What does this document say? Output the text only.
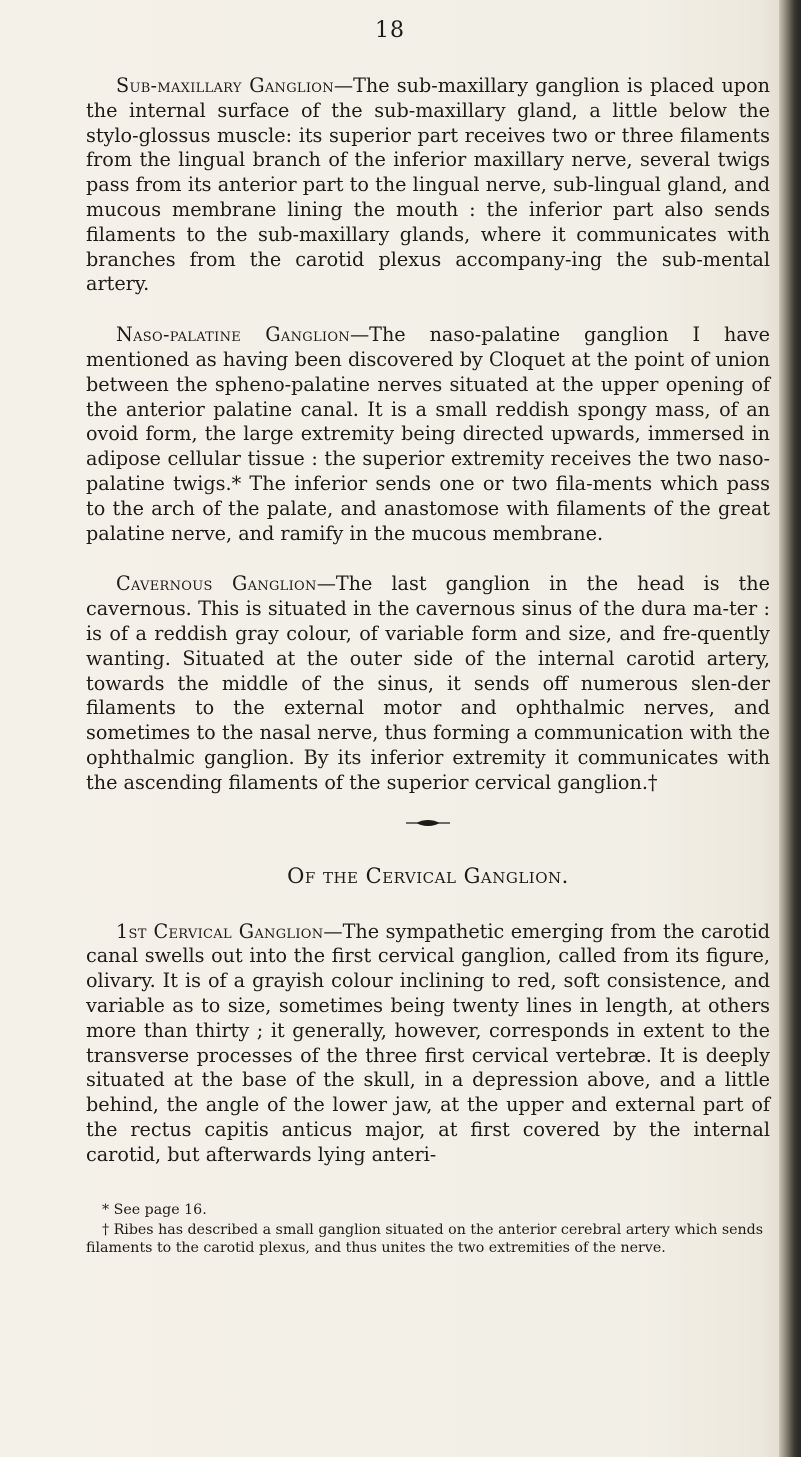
18

Sub-maxillary Ganglion—The sub-maxillary ganglion is placed upon the internal surface of the sub-maxillary gland, a little below the stylo-glossus muscle: its superior part receives two or three filaments from the lingual branch of the inferior maxillary nerve, several twigs pass from its anterior part to the lingual nerve, sub-lingual gland, and mucous membrane lining the mouth : the inferior part also sends filaments to the sub-maxillary glands, where it communicates with branches from the carotid plexus accompany-ing the sub-mental artery.

Naso-palatine Ganglion—The naso-palatine ganglion I have mentioned as having been discovered by Cloquet at the point of union between the spheno-palatine nerves situated at the upper opening of the anterior palatine canal. It is a small reddish spongy mass, of an ovoid form, the large extremity being directed upwards, immersed in adipose cellular tissue : the superior extremity receives the two naso-palatine twigs.* The inferior sends one or two fila-ments which pass to the arch of the palate, and anastomose with filaments of the great palatine nerve, and ramify in the mucous membrane.

Cavernous Ganglion—The last ganglion in the head is the cavernous. This is situated in the cavernous sinus of the dura ma-ter : is of a reddish gray colour, of variable form and size, and fre-quently wanting. Situated at the outer side of the internal carotid artery, towards the middle of the sinus, it sends off numerous slen-der filaments to the external motor and ophthalmic nerves, and sometimes to the nasal nerve, thus forming a communication with the ophthalmic ganglion. By its inferior extremity it communicates with the ascending filaments of the superior cervical ganglion.†

Of the Cervical Ganglion.

1st Cervical Ganglion—The sympathetic emerging from the carotid canal swells out into the first cervical ganglion, called from its figure, olivary. It is of a grayish colour inclining to red, soft consistence, and variable as to size, sometimes being twenty lines in length, at others more than thirty ; it generally, however, corresponds in extent to the transverse processes of the three first cervical vertebræ. It is deeply situated at the base of the skull, in a depression above, and a little behind, the angle of the lower jaw, at the upper and external part of the rectus capitis anticus major, at first covered by the internal carotid, but afterwards lying anteri-

* See page 16.

† Ribes has described a small ganglion situated on the anterior cerebral artery which sends filaments to the carotid plexus, and thus unites the two extremities of the nerve.
